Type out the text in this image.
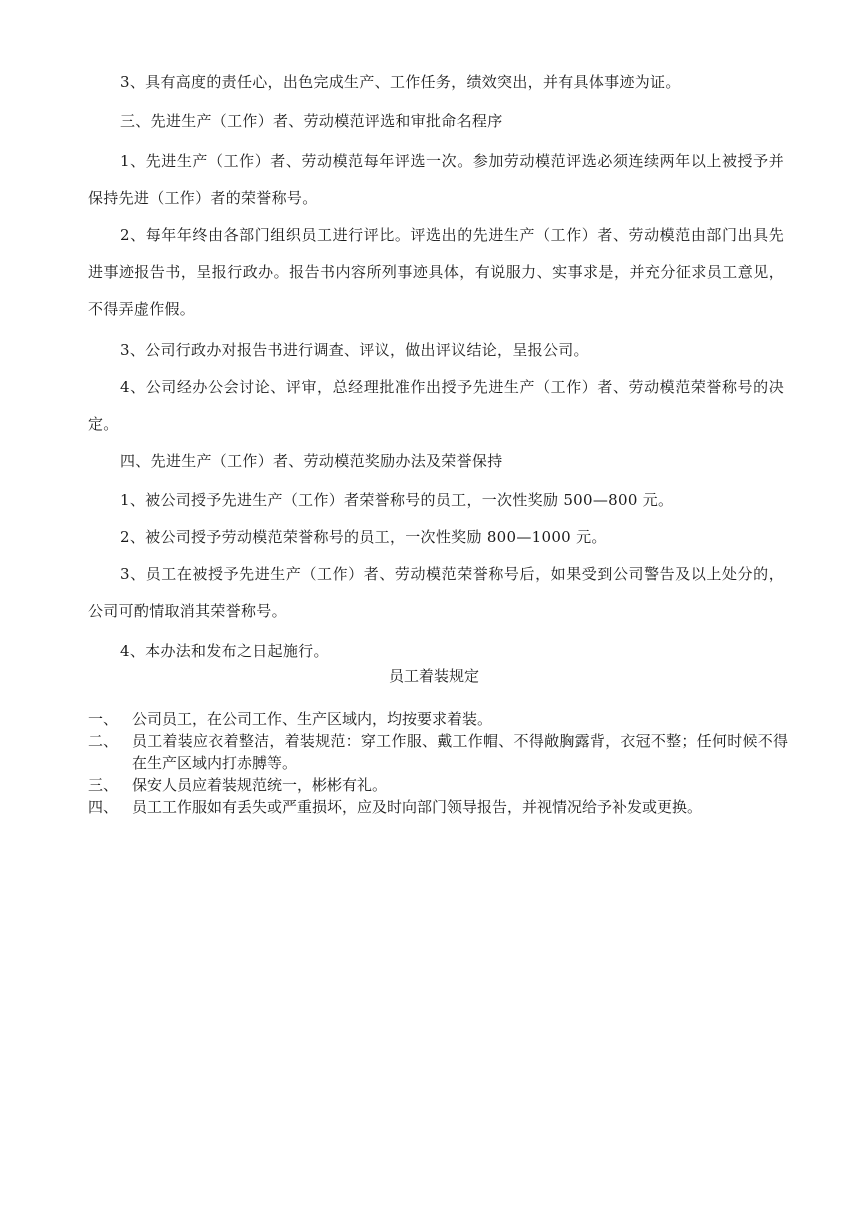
3、具有高度的责任心，出色完成生产、工作任务，绩效突出，并有具体事迹为证。

三、先进生产（工作）者、劳动模范评选和审批命名程序

1、先进生产（工作）者、劳动模范每年评选一次。参加劳动模范评选必须连续两年以上被授予并保持先进（工作）者的荣誉称号。

2、每年年终由各部门组织员工进行评比。评选出的先进生产（工作）者、劳动模范由部门出具先进事迹报告书，呈报行政办。报告书内容所列事迹具体，有说服力、实事求是，并充分征求员工意见，不得弄虚作假。

3、公司行政办对报告书进行调查、评议，做出评议结论，呈报公司。

4、公司经办公会讨论、评审，总经理批准作出授予先进生产（工作）者、劳动模范荣誉称号的决定。

四、先进生产（工作）者、劳动模范奖励办法及荣誉保持

1、被公司授予先进生产（工作）者荣誉称号的员工，一次性奖励 500—800 元。

2、被公司授予劳动模范荣誉称号的员工，一次性奖励 800—1000 元。

3、员工在被授予先进生产（工作）者、劳动模范荣誉称号后，如果受到公司警告及以上处分的，公司可酌情取消其荣誉称号。

4、本办法和发布之日起施行。

员工着装规定

一、 公司员工，在公司工作、生产区域内，均按要求着装。
二、 员工着装应衣着整洁，着装规范：穿工作服、戴工作帽、不得敞胸露背，衣冠不整；任何时候不得在生产区域内打赤膊等。
三、 保安人员应着装规范统一，彬彬有礼。
四、 员工工作服如有丢失或严重损坏，应及时向部门领导报告，并视情况给予补发或更换。
